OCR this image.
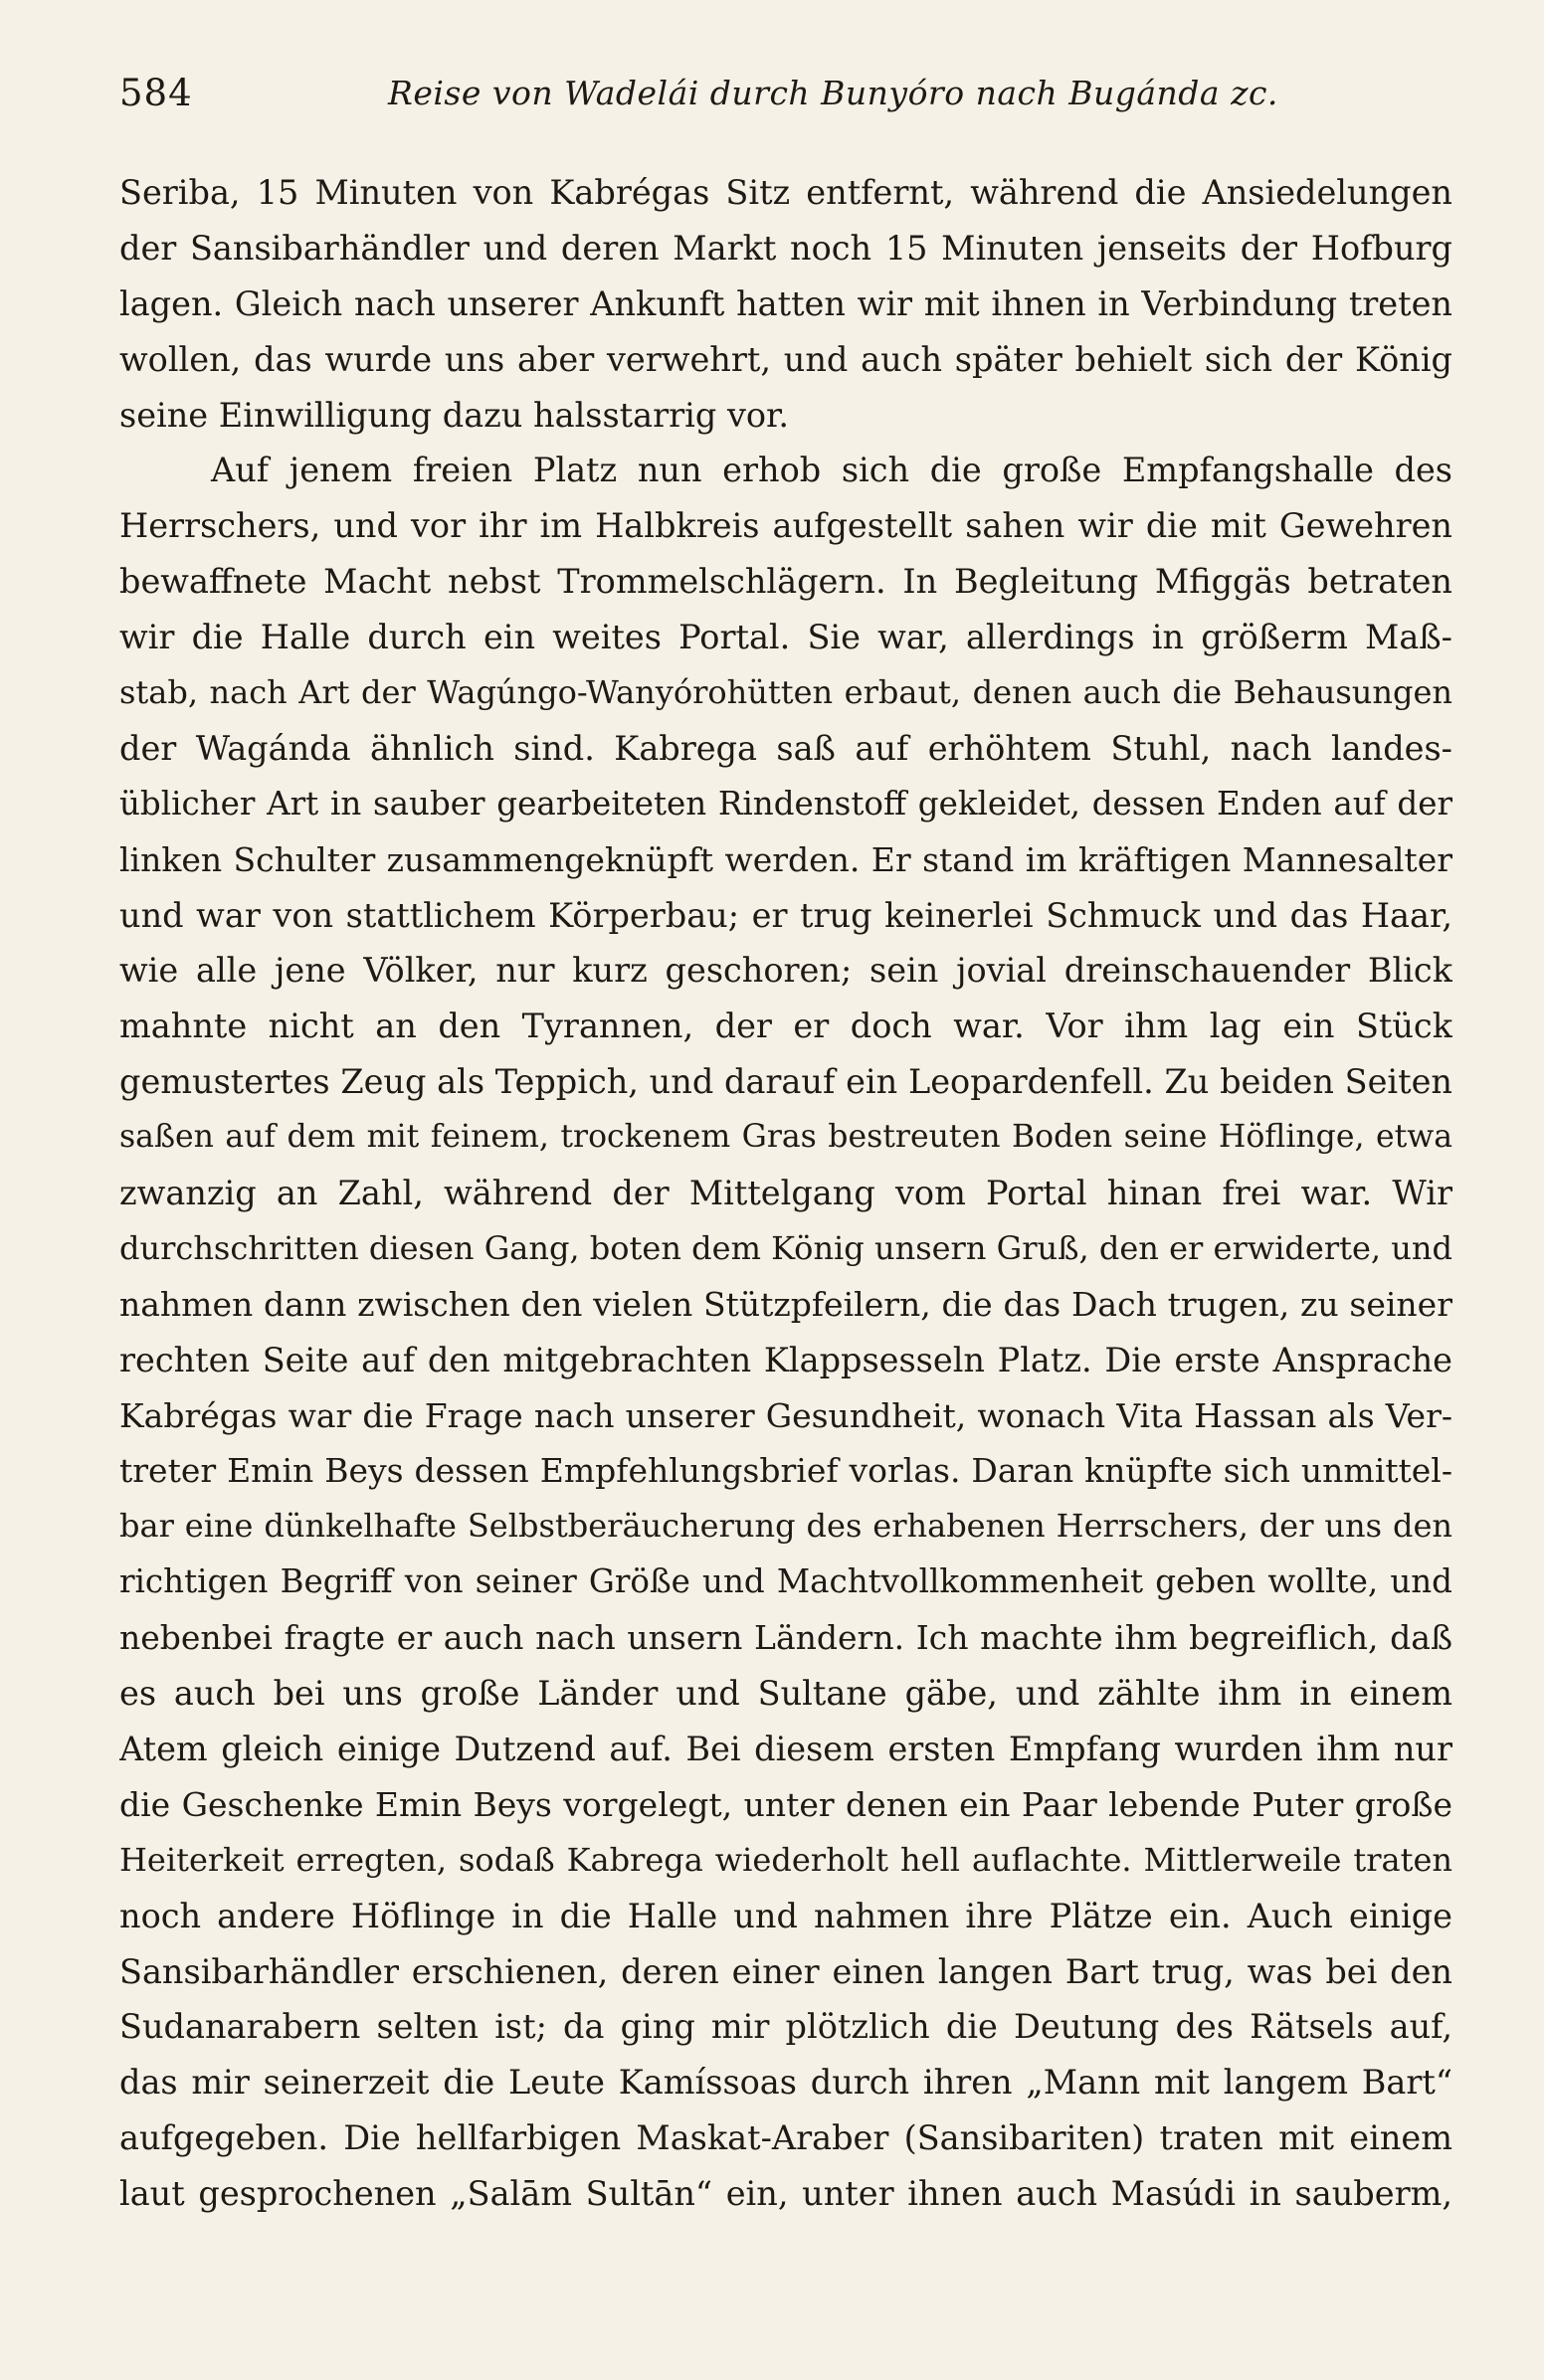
584	Reise von Wadelái durch Bunyóro nach Bugánda zc.
Seriba, 15 Minuten von Kabrégas Sitz entfernt, während die Ansiedelungen
der Sansibarhändler und deren Markt noch 15 Minuten jenseits der Hofburg
lagen. Gleich nach unserer Ankunft hatten wir mit ihnen in Verbindung treten
wollen, das wurde uns aber verwehrt, und auch später behielt sich der König
seine Einwilligung dazu halsstarrig vor.
Auf jenem freien Platz nun erhob sich die große Empfangshalle des
Herrschers, und vor ihr im Halbkreis aufgestellt sahen wir die mit Gewehren
bewaffnete Macht nebst Trommelschlägern. In Begleitung Mfiggäs betraten
wir die Halle durch ein weites Portal. Sie war, allerdings in größerm Maß-
stab, nach Art der Wagúngo-Wanyórohütten erbaut, denen auch die Behausungen
der Wagánda ähnlich sind. Kabrega saß auf erhöhtem Stuhl, nach landes-
üblicher Art in sauber gearbeiteten Rindenstoff gekleidet, dessen Enden auf der
linken Schulter zusammengeknüpft werden. Er stand im kräftigen Mannesalter
und war von stattlichem Körperbau; er trug keinerlei Schmuck und das Haar,
wie alle jene Völker, nur kurz geschoren; sein jovial dreinschauender Blick
mahnte nicht an den Tyrannen, der er doch war. Vor ihm lag ein Stück
gemustertes Zeug als Teppich, und darauf ein Leopardenfell. Zu beiden Seiten
saßen auf dem mit feinem, trockenem Gras bestreuten Boden seine Höflinge, etwa
zwanzig an Zahl, während der Mittelgang vom Portal hinan frei war. Wir
durchschritten diesen Gang, boten dem König unsern Gruß, den er erwiderte, und
nahmen dann zwischen den vielen Stützpfeilern, die das Dach trugen, zu seiner
rechten Seite auf den mitgebrachten Klappsesseln Platz. Die erste Ansprache
Kabrégas war die Frage nach unserer Gesundheit, wonach Vita Hassan als Ver-
treter Emin Beys dessen Empfehlungsbrief vorlas. Daran knüpfte sich unmittel-
bar eine dünkelhafte Selbstberäucherung des erhabenen Herrschers, der uns den
richtigen Begriff von seiner Größe und Machtvollkommenheit geben wollte, und
nebenbei fragte er auch nach unsern Ländern. Ich machte ihm begreiflich, daß
es auch bei uns große Länder und Sultane gäbe, und zählte ihm in einem
Atem gleich einige Dutzend auf. Bei diesem ersten Empfang wurden ihm nur
die Geschenke Emin Beys vorgelegt, unter denen ein Paar lebende Puter große
Heiterkeit erregten, sodaß Kabrega wiederholt hell auflachte. Mittlerweile traten
noch andere Höflinge in die Halle und nahmen ihre Plätze ein. Auch einige
Sansibarhändler erschienen, deren einer einen langen Bart trug, was bei den
Sudanarabern selten ist; da ging mir plötzlich die Deutung des Rätsels auf,
das mir seinerzeit die Leute Kamíssoas durch ihren „Mann mit langem Bart“
aufgegeben. Die hellfarbigen Maskat-Araber (Sansibariten) traten mit einem
laut gesprochenen „Salām Sultān“ ein, unter ihnen auch Masúdi in sauberm,
